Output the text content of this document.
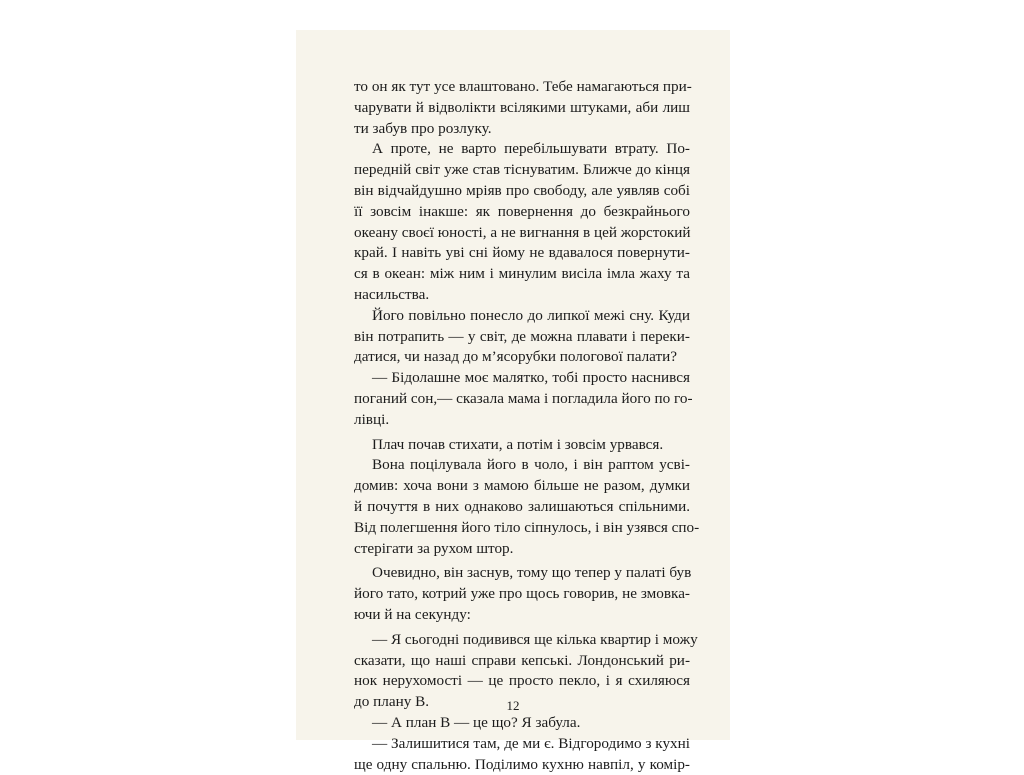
то он як тут усе влаштовано. Тебе намагаються при-
чарувати й відволікти всілякими штуками, аби лиш
ти забув про розлуку.
А проте, не варто перебільшувати втрату. По-
передній світ уже став тіснуватим. Ближче до кінця
він відчайдушно мріяв про свободу, але уявляв собі
її зовсім інакше: як повернення до безкрайнього
океану своєї юності, а не вигнання в цей жорстокий
край. І навіть уві сні йому не вдавалося повернути-
ся в океан: між ним і минулим висіла імла жаху та
насильства.
Його повільно понесло до липкої межі сну. Куди
він потрапить — у світ, де можна плавати і переки-
датися, чи назад до м’ясорубки пологової палати?
— Бідолашне моє малятко, тобі просто наснився
поганий сон,— сказала мама і погладила його по го-
лівці.
Плач почав стихати, а потім і зовсім урвався.
Вона поцілувала його в чоло, і він раптом усві-
домив: хоча вони з мамою більше не разом, думки
й почуття в них однаково залишаються спільними.
Від полегшення його тіло сіпнулось, і він узявся спо-
стерігати за рухом штор.
Очевидно, він заснув, тому що тепер у палаті був
його тато, котрий уже про щось говорив, не змовка-
ючи й на секунду:
— Я сьогодні подивився ще кілька квартир і можу
сказати, що наші справи кепські. Лондонський ри-
нок нерухомості — це просто пекло, і я схиляюся
до плану В.
— А план В — це що? Я забула.
— Залишитися там, де ми є. Відгородимо з кухні
ще одну спальню. Поділимо кухню навпіл, у комір-
12
